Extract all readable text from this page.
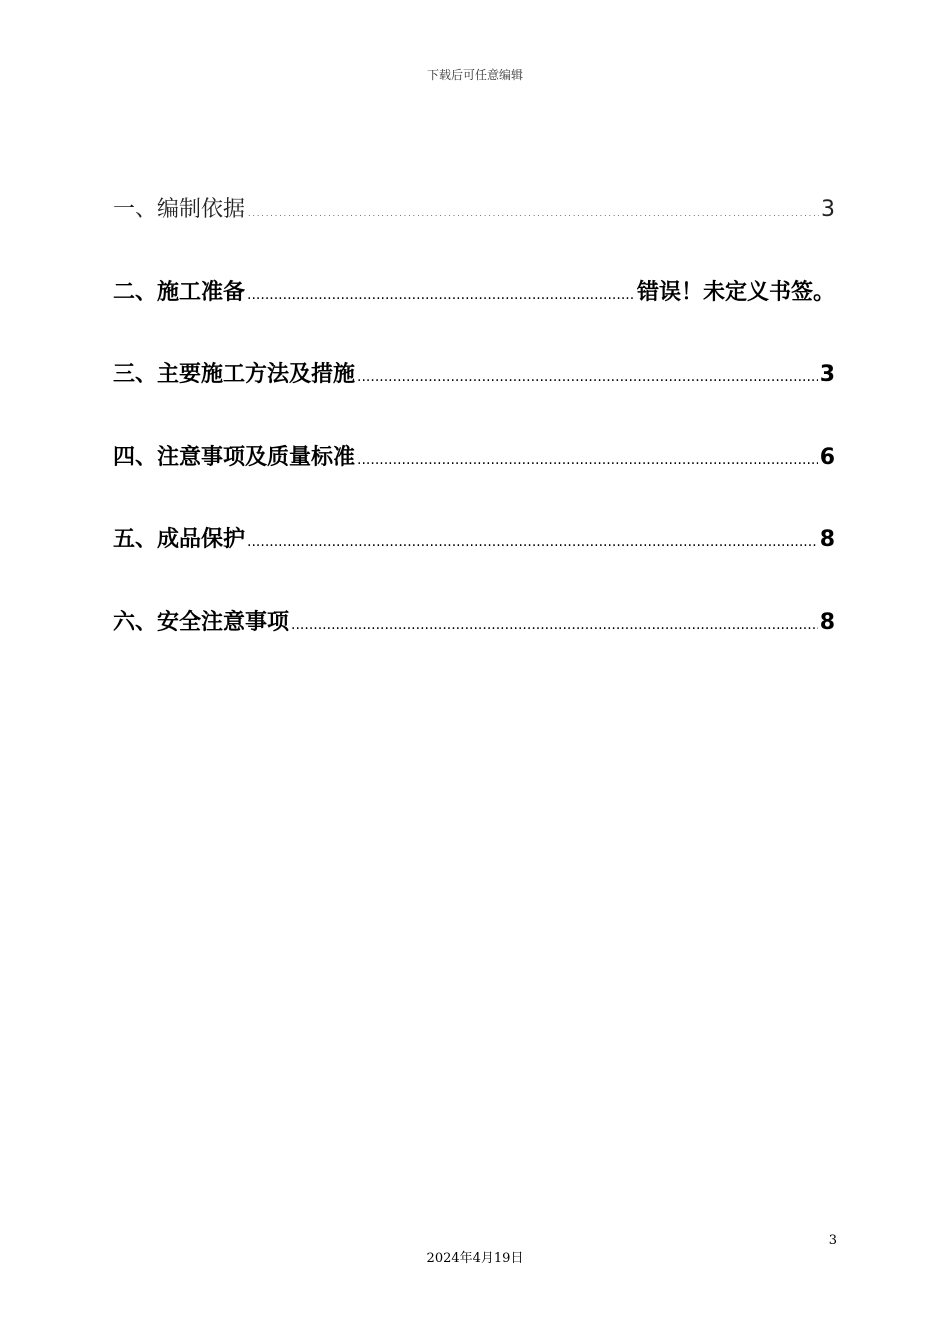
下载后可任意编辑
一、编制依据 .....	3
二、施工准备 .....	错误！未定义书签。
三、主要施工方法及措施 .....	3
四、注意事项及质量标准 .....	6
五、成品保护 .....	8
六、安全注意事项 .....	8
3
2024年4月19日
